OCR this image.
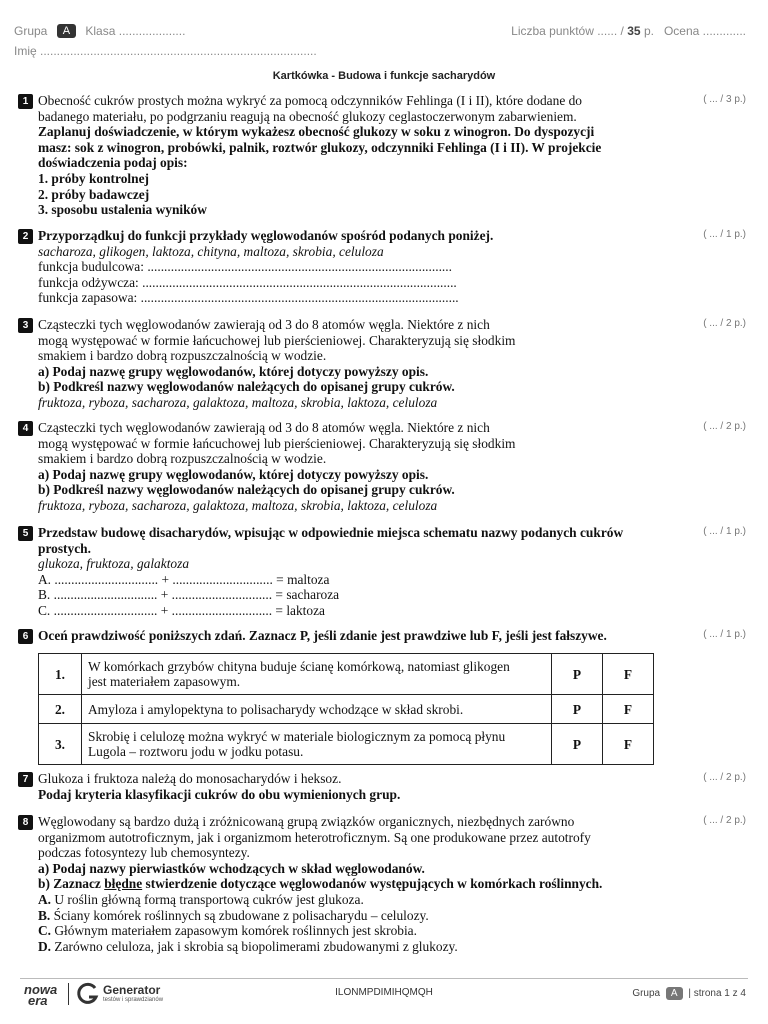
Grupa A Klasa ....................	Liczba punktów ...... / 35 p. Ocena .............
Imię ...................................................................................
Kartkówka - Budowa i funkcje sacharydów
1 Obecność cukrów prostych można wykryć za pomocą odczynników Fehlinga (I i II), które dodane do
badanego materiału, po podgrzaniu reagują na obecność glukozy ceglastoczerwonym zabarwieniem.
Zaplanuj doświadczenie, w którym wykażesz obecność glukozy w soku z winogron. Do dyspozycji
masz: sok z winogron, probówki, palnik, roztwór glukozy, odczynniki Fehlinga (I i II). W projekcie
doświadczenia podaj opis:
1. próby kontrolnej
2. próby badawczej
3. sposobu ustalenia wyników
( ... / 3 p.)
2 Przyporządkuj do funkcji przykłady węglowodanów spośród podanych poniżej.
sacharoza, glikogen, laktoza, chityna, maltoza, skrobia, celuloza
funkcja budulcowa: ...........................................................................................
funkcja odżywcza: ..............................................................................................
funkcja zapasowa: ...............................................................................................
( ... / 1 p.)
3 Cząsteczki tych węglowodanów zawierają od 3 do 8 atomów węgla. Niektóre z nich
mogą występować w formie łańcuchowej lub pierścieniowej. Charakteryzują się słodkim
smakiem i bardzo dobrą rozpuszczalnością w wodzie.
a) Podaj nazwę grupy węglowodanów, której dotyczy powyższy opis.
b) Podkreśl nazwy węglowodanów należących do opisanej grupy cukrów.
fruktoza, ryboza, sacharoza, galaktoza, maltoza, skrobia, laktoza, celuloza
( ... / 2 p.)
4 Cząsteczki tych węglowodanów zawierają od 3 do 8 atomów węgla. Niektóre z nich
mogą występować w formie łańcuchowej lub pierścieniowej. Charakteryzują się słodkim
smakiem i bardzo dobrą rozpuszczalnością w wodzie.
a) Podaj nazwę grupy węglowodanów, której dotyczy powyższy opis.
b) Podkreśl nazwy węglowodanów należących do opisanej grupy cukrów.
fruktoza, ryboza, sacharoza, galaktoza, maltoza, skrobia, laktoza, celuloza
( ... / 2 p.)
5 Przedstaw budowę disacharydów, wpisując w odpowiednie miejsca schematu nazwy podanych cukrów
prostych.
glukoza, fruktoza, galaktoza
A. ............................... + .............................. = maltoza
B. ............................... + .............................. = sacharoza
C. ............................... + .............................. = laktoza
( ... / 1 p.)
6 Oceń prawdziwość poniższych zdań. Zaznacz P, jeśli zdanie jest prawdziwe lub F, jeśli jest fałszywe.	( ... / 1 p.)
1.	W komórkach grzybów chityna buduje ścianę komórkową, natomiast glikogen
jest materiałem zapasowym.	P	F
2.	Amyloza i amylopektyna to polisacharydy wchodzące w skład skrobi.	P	F
3.	Skrobię i celulozę można wykryć w materiale biologicznym za pomocą płynu
Lugola – roztworu jodu w jodku potasu.	P	F
7 Glukoza i fruktoza należą do monosacharydów i heksoz.
Podaj kryteria klasyfikacji cukrów do obu wymienionych grup.
( ... / 2 p.)
8 Węglowodany są bardzo dużą i zróżnicowaną grupą związków organicznych, niezbędnych zarówno
organizmom autotroficznym, jak i organizmom heterotroficznym. Są one produkowane przez autotrofy
podczas fotosyntezy lub chemosyntezy.
a) Podaj nazwy pierwiastków wchodzących w skład węglowodanów.
b) Zaznacz błędne stwierdzenie dotyczące węglowodanów występujących w komórkach roślinnych.
A. U roślin główną formą transportową cukrów jest glukoza.
B. Ściany komórek roślinnych są zbudowane z polisacharydu – celulozy.
C. Głównym materiałem zapasowym komórek roślinnych jest skrobia.
D. Zarówno celuloza, jak i skrobia są biopolimerami zbudowanymi z glukozy.
( ... / 2 p.)
nowa
era
Generator
testów i sprawdzianów
ILONMPDIMIHQMQH	Grupa A | strona 1 z 4
